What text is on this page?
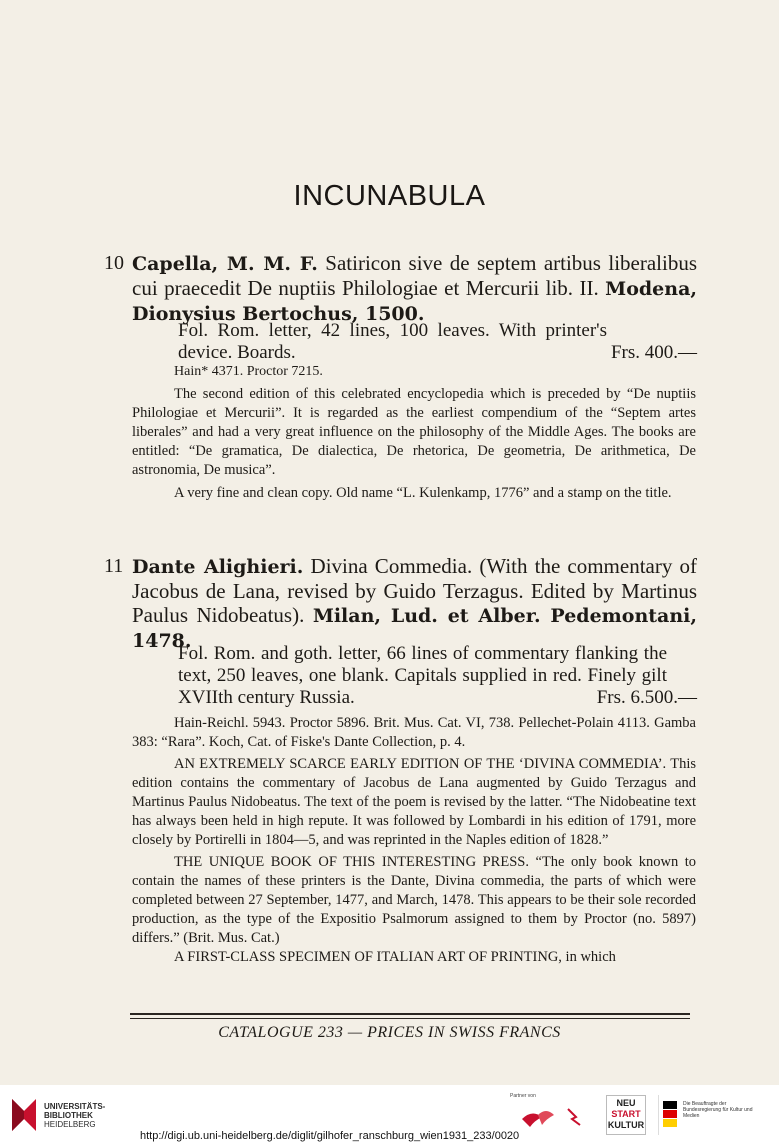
INCUNABULA
10 Capella, M. M. F. Satiricon sive de septem artibus liberalibus cui praecedit De nuptiis Philologiae et Mercurii lib. II. Modena, Dionysius Bertochus, 1500.
Fol. Rom. letter, 42 lines, 100 leaves. With printer's device. Boards.	Frs. 400.—
Hain* 4371. Proctor 7215.

The second edition of this celebrated encyclopedia which is preceded by “De nuptiis Philologiae et Mercurii”. It is regarded as the earliest compendium of the “Septem artes liberales” and had a very great influence on the philosophy of the Middle Ages. The books are entitled: “De gramatica, De dialectica, De rhetorica, De geometria, De arithmetica, De astronomia, De musica”.

A very fine and clean copy. Old name “L. Kulenkamp, 1776” and a stamp on the title.

11 Dante Alighieri. Divina Commedia. (With the commentary of Jacobus de Lana, revised by Guido Terzagus. Edited by Martinus Paulus Nidobeatus). Milan, Lud. et Alber. Pedemontani, 1478.
Fol. Rom. and goth. letter, 66 lines of commentary flanking the text, 250 leaves, one blank. Capitals supplied in red. Finely gilt XVIIth century Russia.	Frs. 6.500.—

Hain-Reichl. 5943. Proctor 5896. Brit. Mus. Cat. VI, 738. Pellechet-Polain 4113. Gamba 383: “Rara”. Koch, Cat. of Fiske's Dante Collection, p. 4.

AN EXTREMELY SCARCE EARLY EDITION OF THE ‘DIVINA COMMEDIA’. This edition contains the commentary of Jacobus de Lana augmented by Guido Terzagus and Martinus Paulus Nidobeatus. The text of the poem is revised by the latter. “The Nidobeatine text has always been held in high repute. It was followed by Lombardi in his edition of 1791, more closely by Portirelli in 1804—5, and was reprinted in the Naples edition of 1828.”

THE UNIQUE BOOK OF THIS INTERESTING PRESS. “The only book known to contain the names of these printers is the Dante, Divina commedia, the parts of which were completed between 27 September, 1477, and March, 1478. This appears to be their sole recorded production, as the type of the Expositio Psalmorum assigned to them by Proctor (no. 5897) differs.” (Brit. Mus. Cat.)

A FIRST-CLASS SPECIMEN OF ITALIAN ART OF PRINTING, in which

CATALOGUE 233 — PRICES IN SWISS FRANCS
UNIVERSITÄTS-
BIBLIOTHEK
HEIDELBERG
Partner von
NEU
START
KULTUR
Die Beauftragte der Bundesregierung für Kultur und Medien
http://digi.ub.uni-heidelberg.de/diglit/gilhofer_ranschburg_wien1931_233/0020
